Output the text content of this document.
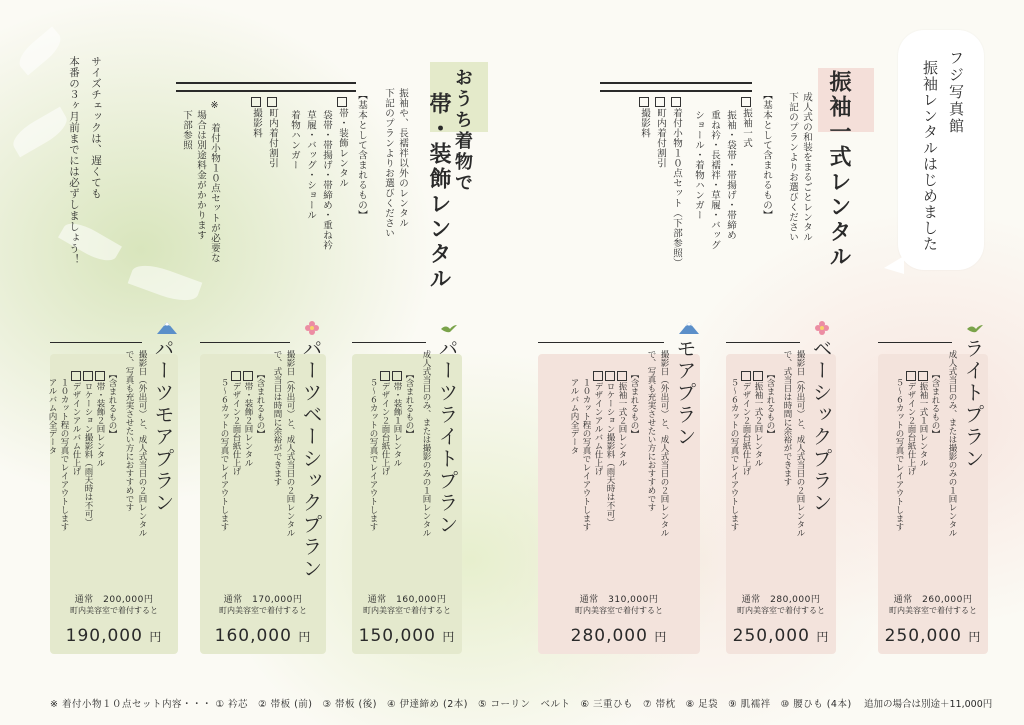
フジ写真館
振袖レンタルはじめました
サイズチェックは、遅くても
本番の３ヶ月前までには必ずしましょう！	振袖一式レンタル
成人式の和装をまるごとレンタル
下記のプランよりお選びください
【基本として含まれるもの】
振袖一式
振袖・袋帯・帯揚げ・帯締め
重ね衿・長襦袢・草履・バッグ
ショール・着物ハンガー
着付小物１０点セット（下部参照）
町内着付割引
撮影料
おうち着物で
帯・装飾レンタル
振袖や、長襦袢以外のレンタル
下記のプランよりお選びください
【基本として含まれるもの】
帯・装飾レンタル
袋帯・帯揚げ・帯締め・重ね衿
草履・バッグ・ショール
着物ハンガー
町内着付割引
撮影料
※ 着付小物１０点セットが必要な
場合は別途料金がかかります
下部参照
ライトプラン
成人式当日のみ、または撮影のみの１回レンタル
【含まれるもの】
振袖一式１回レンタル
デザイン２面台紙仕上げ
５～６カットの写真でレイアウトします
通常　260,000円
町内美容室で着付すると
250,000 円
ベーシックプラン
撮影日（外出可）と、成人式当日の２回レンタル
で、式当日は時間に余裕ができます
【含まれるもの】
振袖一式２回レンタル
デザイン２面台紙仕上げ
５～６カットの写真でレイアウトします
通常　280,000円
町内美容室で着付すると
250,000 円
モアプラン
撮影日（外出可）と、成人式当日の２回レンタル
で、写真も充実させたい方におすすめです
【含まれるもの】
振袖一式２回レンタル
ロケーション撮影料（雨天時は不可）
デザインアルバム仕上げ
１０カット程の写真でレイアウトします
アルバム内全データ
通常　310,000円
町内美容室で着付すると
280,000 円
パーツライトプラン
成人式当日のみ、または撮影のみの１回レンタル
【含まれるもの】
帯・装飾１回レンタル
デザイン２面台紙仕上げ
５～６カットの写真でレイアウトします
通常　160,000円
町内美容室で着付すると
150,000 円
パーツベーシックプラン
撮影日（外出可）と、成人式当日の２回レンタル
で、式当日は時間に余裕ができます
【含まれるもの】
帯・装飾２回レンタル
デザイン２面台紙仕上げ
５～６カットの写真でレイアウトします
通常　170,000円
町内美容室で着付すると
160,000 円
パーツモアプラン
撮影日（外出可）と、成人式当日の２回レンタル
で、写真も充実させたい方におすすめです
【含まれるもの】
帯・装飾２回レンタル
ロケーション撮影料（雨天時は不可）
デザインアルバム仕上げ
１０カット程の写真でレイアウトします
アルバム内全データ
通常　200,000円
町内美容室で着付すると
190,000 円
※ 着付小物１０点セット内容・・・ ① 衿芯　② 帯板 (前)　③ 帯板 (後)　④ 伊達締め (2本)　⑤ コーリン　ベルト　⑥ 三重ひも　⑦ 帯枕　⑧ 足袋　⑨ 肌襦袢　⑩ 腰ひも (4本) 追加の場合は別途＋11,000円
